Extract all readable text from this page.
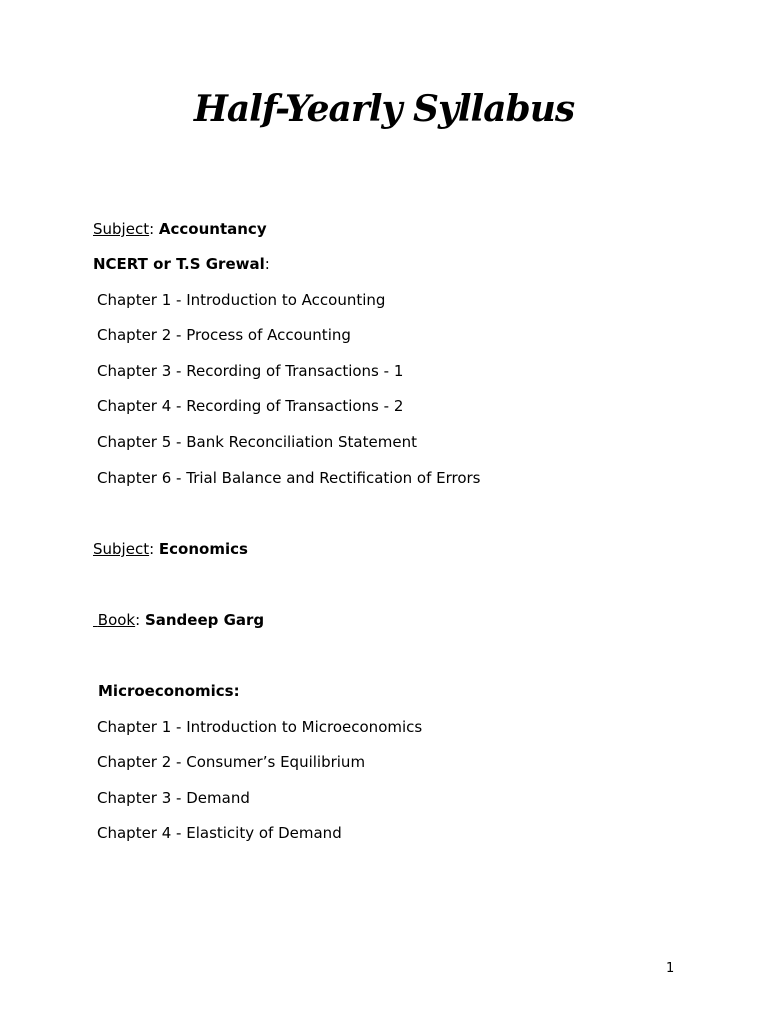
Half-Yearly Syllabus
Subject: Accountancy
NCERT or T.S Grewal:
Chapter 1 - Introduction to Accounting
Chapter 2 - Process of Accounting
Chapter 3 - Recording of Transactions - 1
Chapter 4 - Recording of Transactions - 2
Chapter 5 - Bank Reconciliation Statement
Chapter 6 - Trial Balance and Rectification of Errors
Subject: Economics
Book: Sandeep Garg
Microeconomics:
Chapter 1 - Introduction to Microeconomics
Chapter 2 - Consumer’s Equilibrium
Chapter 3 - Demand
Chapter 4 - Elasticity of Demand
1
